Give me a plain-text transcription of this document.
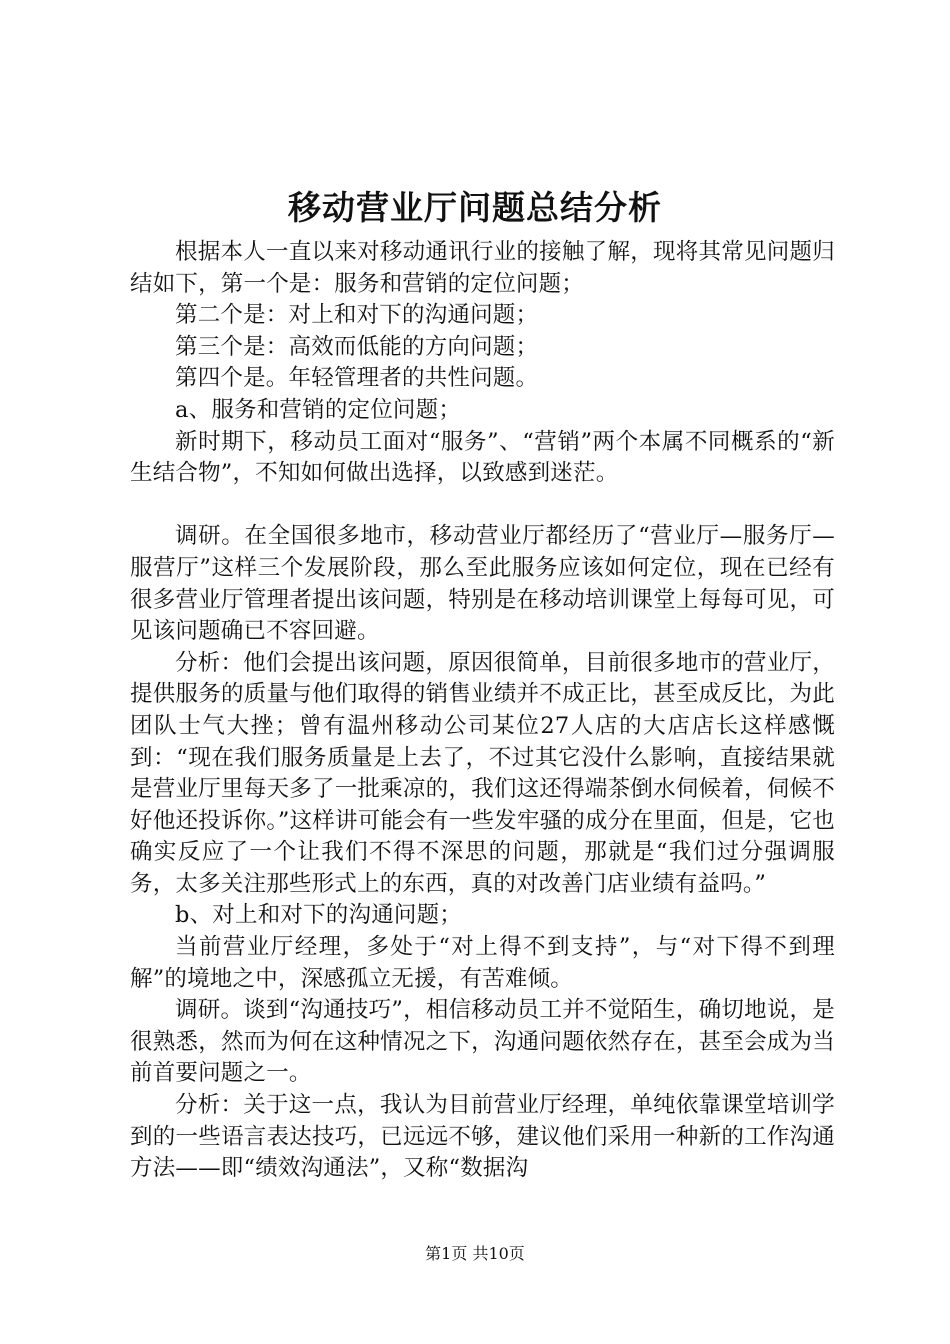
移动营业厅问题总结分析

根据本人一直以来对移动通讯行业的接触了解，现将其常见问题归结如下，第一个是：服务和营销的定位问题；

第二个是：对上和对下的沟通问题；

第三个是：高效而低能的方向问题；

第四个是。年轻管理者的共性问题。

a、服务和营销的定位问题；

新时期下，移动员工面对“服务”、“营销”两个本属不同概系的“新生结合物”，不知如何做出选择，以致感到迷茫。

调研。在全国很多地市，移动营业厅都经历了“营业厅—服务厅—服营厅”这样三个发展阶段，那么至此服务应该如何定位，现在已经有很多营业厅管理者提出该问题，特别是在移动培训课堂上每每可见，可见该问题确已不容回避。

分析：他们会提出该问题，原因很简单，目前很多地市的营业厅，提供服务的质量与他们取得的销售业绩并不成正比，甚至成反比，为此团队士气大挫；曾有温州移动公司某位27人店的大店店长这样感慨到：“现在我们服务质量是上去了，不过其它没什么影响，直接结果就是营业厅里每天多了一批乘凉的，我们这还得端茶倒水伺候着，伺候不好他还投诉你。”这样讲可能会有一些发牢骚的成分在里面，但是，它也确实反应了一个让我们不得不深思的问题，那就是“我们过分强调服务，太多关注那些形式上的东西，真的对改善门店业绩有益吗。”

b、对上和对下的沟通问题；

当前营业厅经理，多处于“对上得不到支持”，与“对下得不到理解”的境地之中，深感孤立无援，有苦难倾。

调研。谈到“沟通技巧”，相信移动员工并不觉陌生，确切地说，是很熟悉，然而为何在这种情况之下，沟通问题依然存在，甚至会成为当前首要问题之一。

分析：关于这一点，我认为目前营业厅经理，单纯依靠课堂培训学到的一些语言表达技巧，已远远不够，建议他们采用一种新的工作沟通方法——即“绩效沟通法”，又称“数据沟

第1页 共10页
